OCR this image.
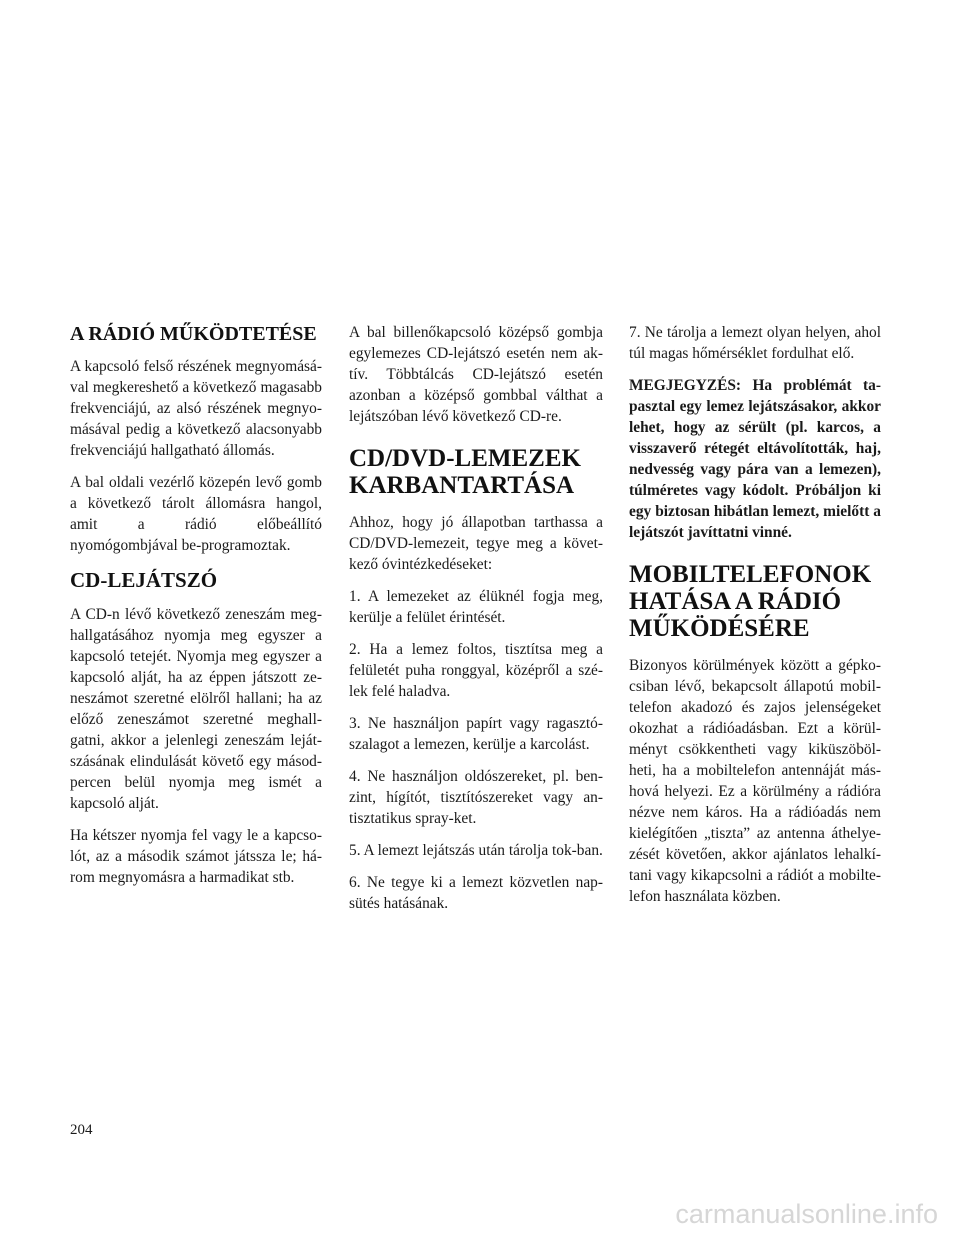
A RÁDIÓ MŰKÖDTETÉSE

A kapcsoló felső részének megnyomásá-val megkereshető a következő magasabb frekvenciájú, az alsó részének megnyo-másával pedig a következő alacsonyabb frekvenciájú hallgatható állomás.

A bal oldali vezérlő közepén levő gomb a következő tárolt állomásra hangol, amit a rádió előbeállító nyomógombjával be-programoztak.

CD-LEJÁTSZÓ

A CD-n lévő következő zeneszám meg-hallgatásához nyomja meg egyszer a kapcsoló tetejét. Nyomja meg egyszer a kapcsoló alját, ha az éppen játszott ze-neszámot szeretné elölről hallani; ha az előző zeneszámot szeretné meghall-gatni, akkor a jelenlegi zeneszám leját-szásának elindulását követő egy másod-percen belül nyomja meg ismét a kapcsoló alját.

Ha kétszer nyomja fel vagy le a kapcso-lót, az a második számot játssza le; há-rom megnyomásra a harmadikat stb.

A bal billenőkapcsoló középső gombja egylemezes CD-lejátszó esetén nem ak-tív. Többtálcás CD-lejátszó esetén azonban a középső gombbal válthat a lejátszóban lévő következő CD-re.

CD/DVD-LEMEZEK KARBANTARTÁSA

Ahhoz, hogy jó állapotban tarthassa a CD/DVD-lemezeit, tegye meg a követ-kező óvintézkedéseket:

1. A lemezeket az élüknél fogja meg, kerülje a felület érintését.

2. Ha a lemez foltos, tisztítsa meg a felületét puha ronggyal, középről a szé-lek felé haladva.

3. Ne használjon papírt vagy ragasztó-szalagot a lemezen, kerülje a karcolást.

4. Ne használjon oldószereket, pl. ben-zint, hígítót, tisztítószereket vagy an-tisztatikus spray-ket.

5. A lemezt lejátszás után tárolja tok-ban.

6. Ne tegye ki a lemezt közvetlen nap-sütés hatásának.

7. Ne tárolja a lemezt olyan helyen, ahol túl magas hőmérséklet fordulhat elő.

MEGJEGYZÉS: Ha problémát ta-pasztal egy lemez lejátszásakor, akkor lehet, hogy az sérült (pl. karcos, a visszaverő rétegét eltávolították, haj, nedvesség vagy pára van a lemezen), túlméretes vagy kódolt. Próbáljon ki egy biztosan hibátlan lemezt, mielőtt a lejátszót javíttatni vinné.

MOBILTELEFONOK HATÁSA A RÁDIÓ MŰKÖDÉSÉRE

Bizonyos körülmények között a gépko-csiban lévő, bekapcsolt állapotú mobil-telefon akadozó és zajos jelenségeket okozhat a rádióadásban. Ezt a körül-ményt csökkentheti vagy kiküszöböl-heti, ha a mobiltelefon antennáját más-hová helyezi. Ez a körülmény a rádióra nézve nem káros. Ha a rádióadás nem kielégítően „tiszta” az antenna áthelye-zését követően, akkor ajánlatos lehalkí-tani vagy kikapcsolni a rádiót a mobilte-lefon használata közben.

204
carmanualsonline.info
